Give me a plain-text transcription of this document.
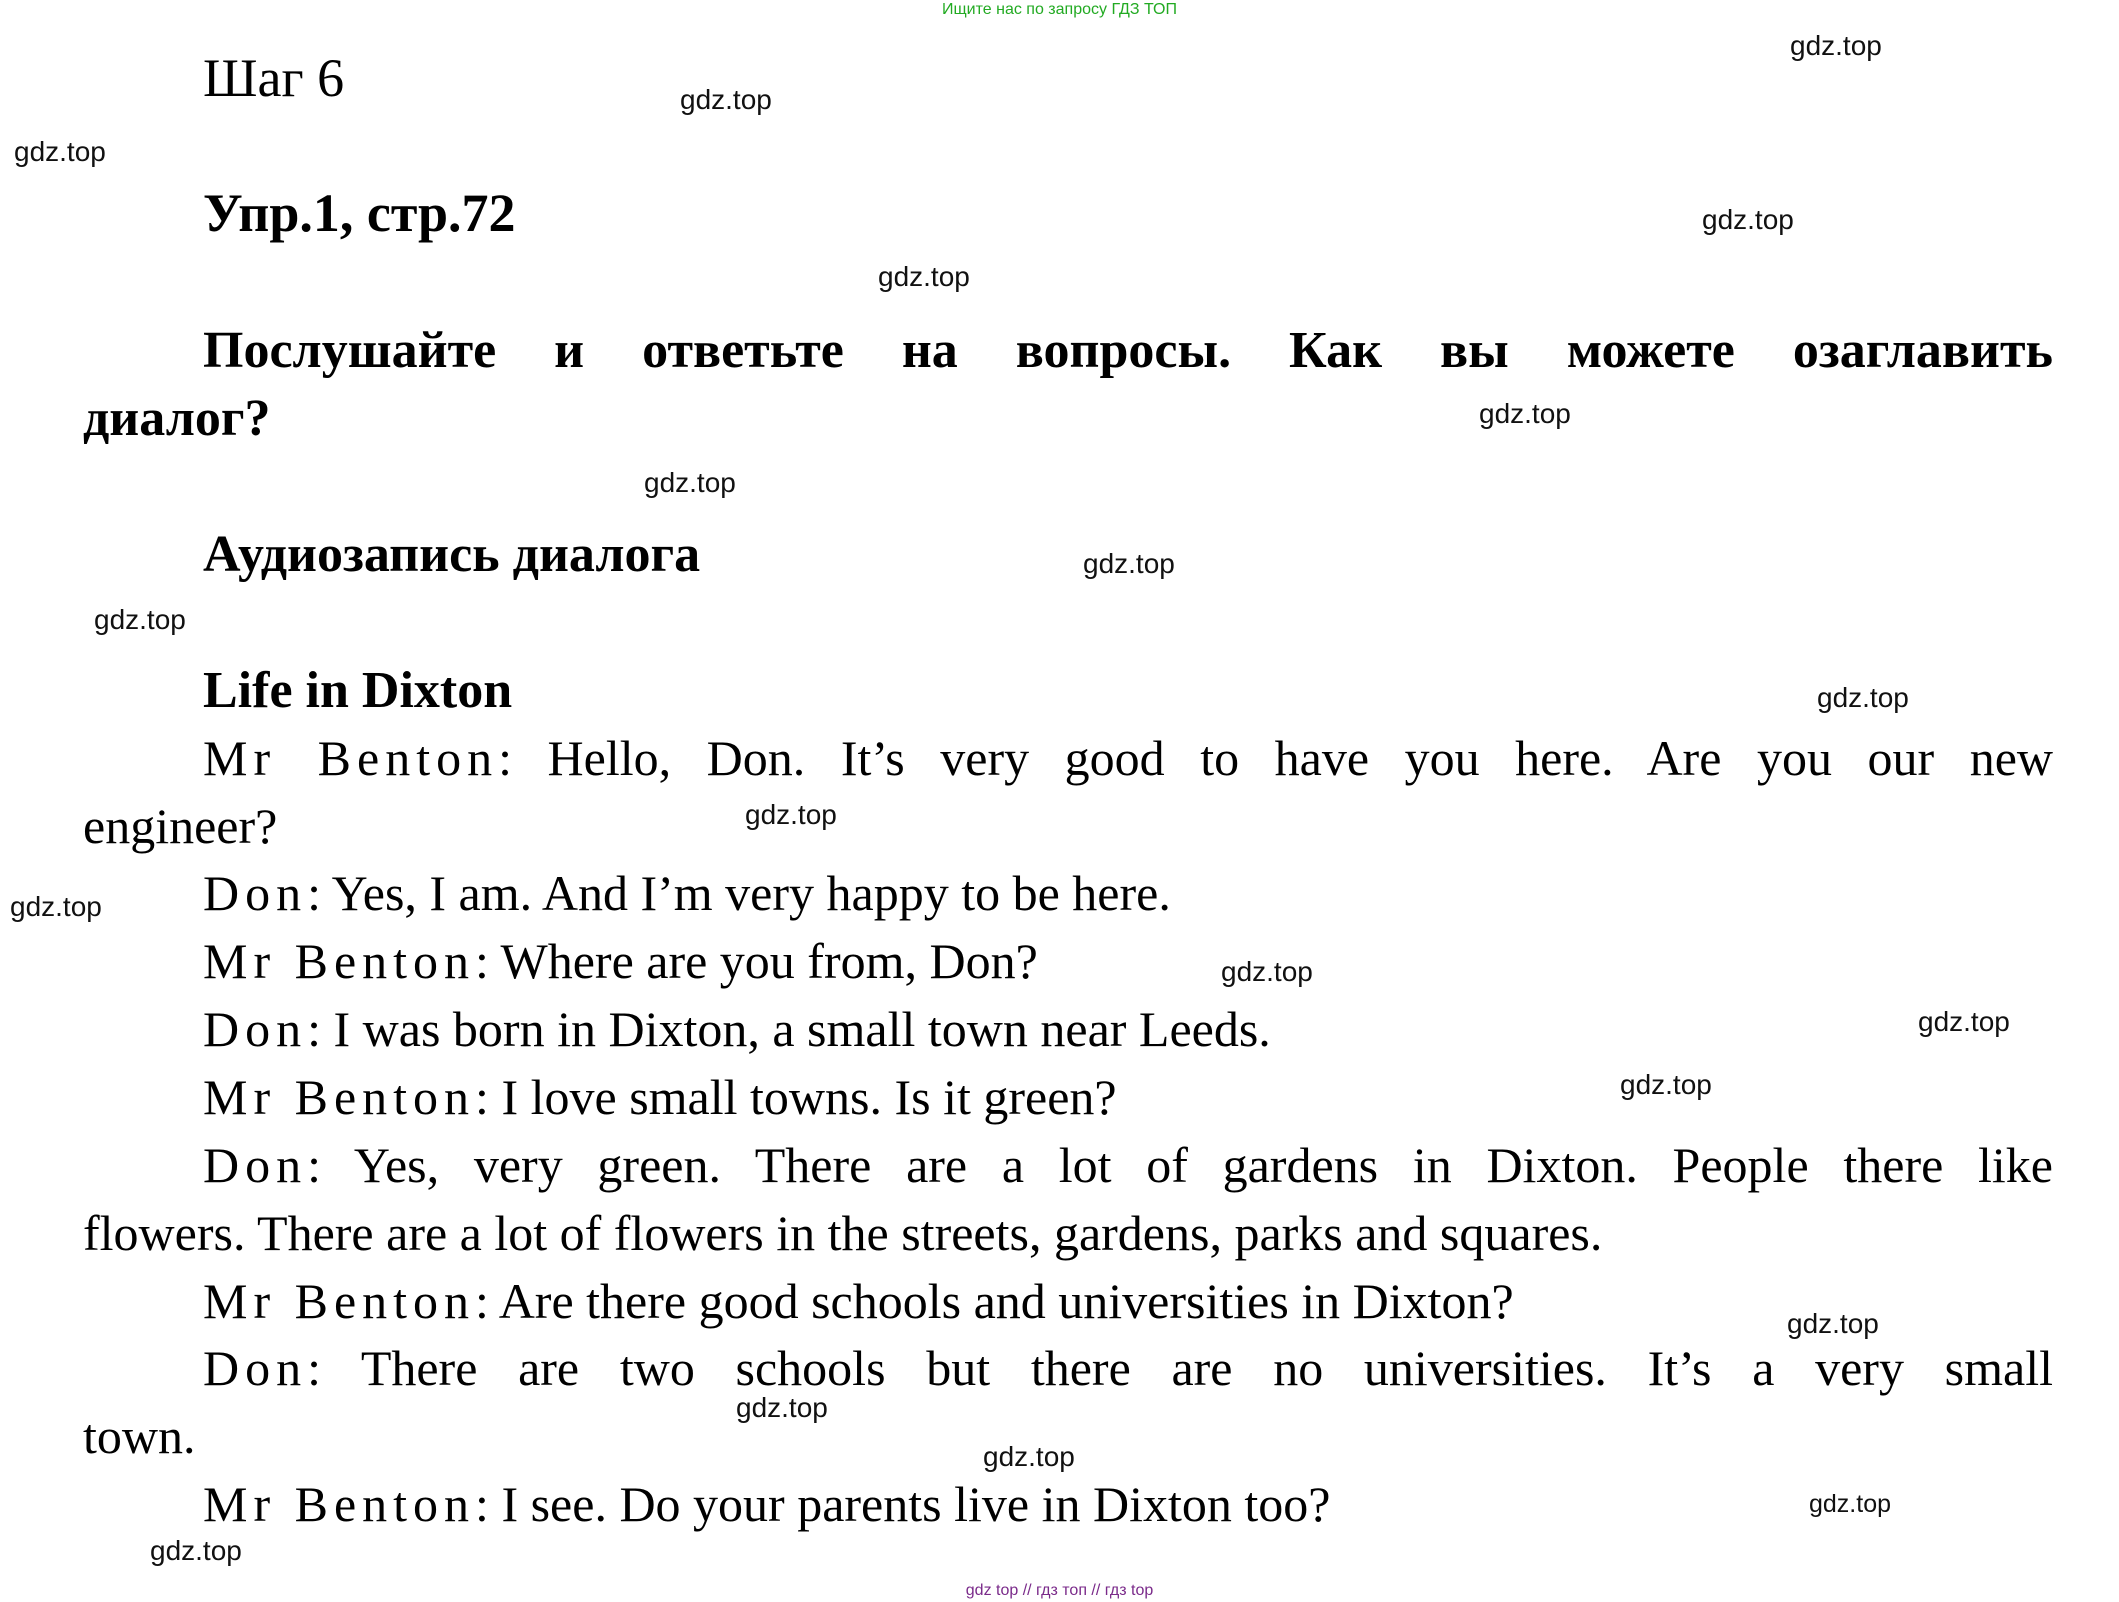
Ищите нас по запросу ГДЗ ТОП
Шаг 6
Упр.1, стр.72
Послушайте и ответьте на вопросы. Как вы можете озаглавить
диалог?
Аудиозапись диалога
Life in Dixton
Mr Benton: Hello, Don. It’s very good to have you here. Are you our new
engineer?
Don: Yes, I am. And I’m very happy to be here.
Mr Benton: Where are you from, Don?
Don: I was born in Dixton, a small town near Leeds.
Mr Benton: I love small towns. Is it green?
Don: Yes, very green. There are a lot of gardens in Dixton. People there like
flowers. There are a lot of flowers in the streets, gardens, parks and squares.
Mr Benton: Are there good schools and universities in Dixton?
Don: There are two schools but there are no universities. It’s a very small
town.
Mr Benton: I see. Do your parents live in Dixton too?
gdz.top
gdz.top
gdz.top
gdz.top
gdz.top
gdz.top
gdz.top
gdz.top
gdz.top
gdz.top
gdz.top
gdz.top
gdz.top
gdz.top
gdz.top
gdz.top
gdz.top
gdz.top
gdz.top
gdz.top
gdz top // гдз топ // гдз top
